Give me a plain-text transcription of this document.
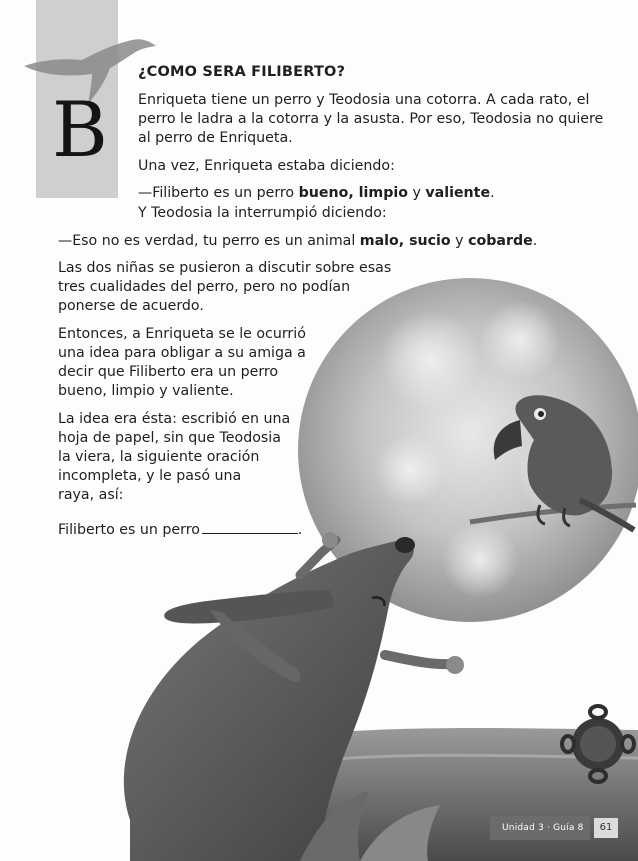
B
¿COMO SERA FILIBERTO?
Enriqueta tiene un perro y Teodosia una cotorra. A cada rato, el
perro le ladra a la cotorra y la asusta. Por eso, Teodosia no quiere
al perro de Enriqueta.
Una vez, Enriqueta estaba diciendo:
—Filiberto es un perro bueno, limpio y valiente.
Y Teodosia la interrumpió diciendo:
—Eso no es verdad, tu perro es un animal malo, sucio y cobarde.
Las dos niñas se pusieron a discutir sobre esas
tres cualidades del perro, pero no podían
ponerse de acuerdo.
Entonces, a Enriqueta se le ocurrió
una idea para obligar a su amiga a
decir que Filiberto era un perro
bueno, limpio y valiente.
La idea era ésta: escribió en una
hoja de papel, sin que Teodosia
la viera, la siguiente oración
incompleta, y le pasó una
raya, así:
Filiberto es un perro	.
Unidad 3 · Guía 8	61
